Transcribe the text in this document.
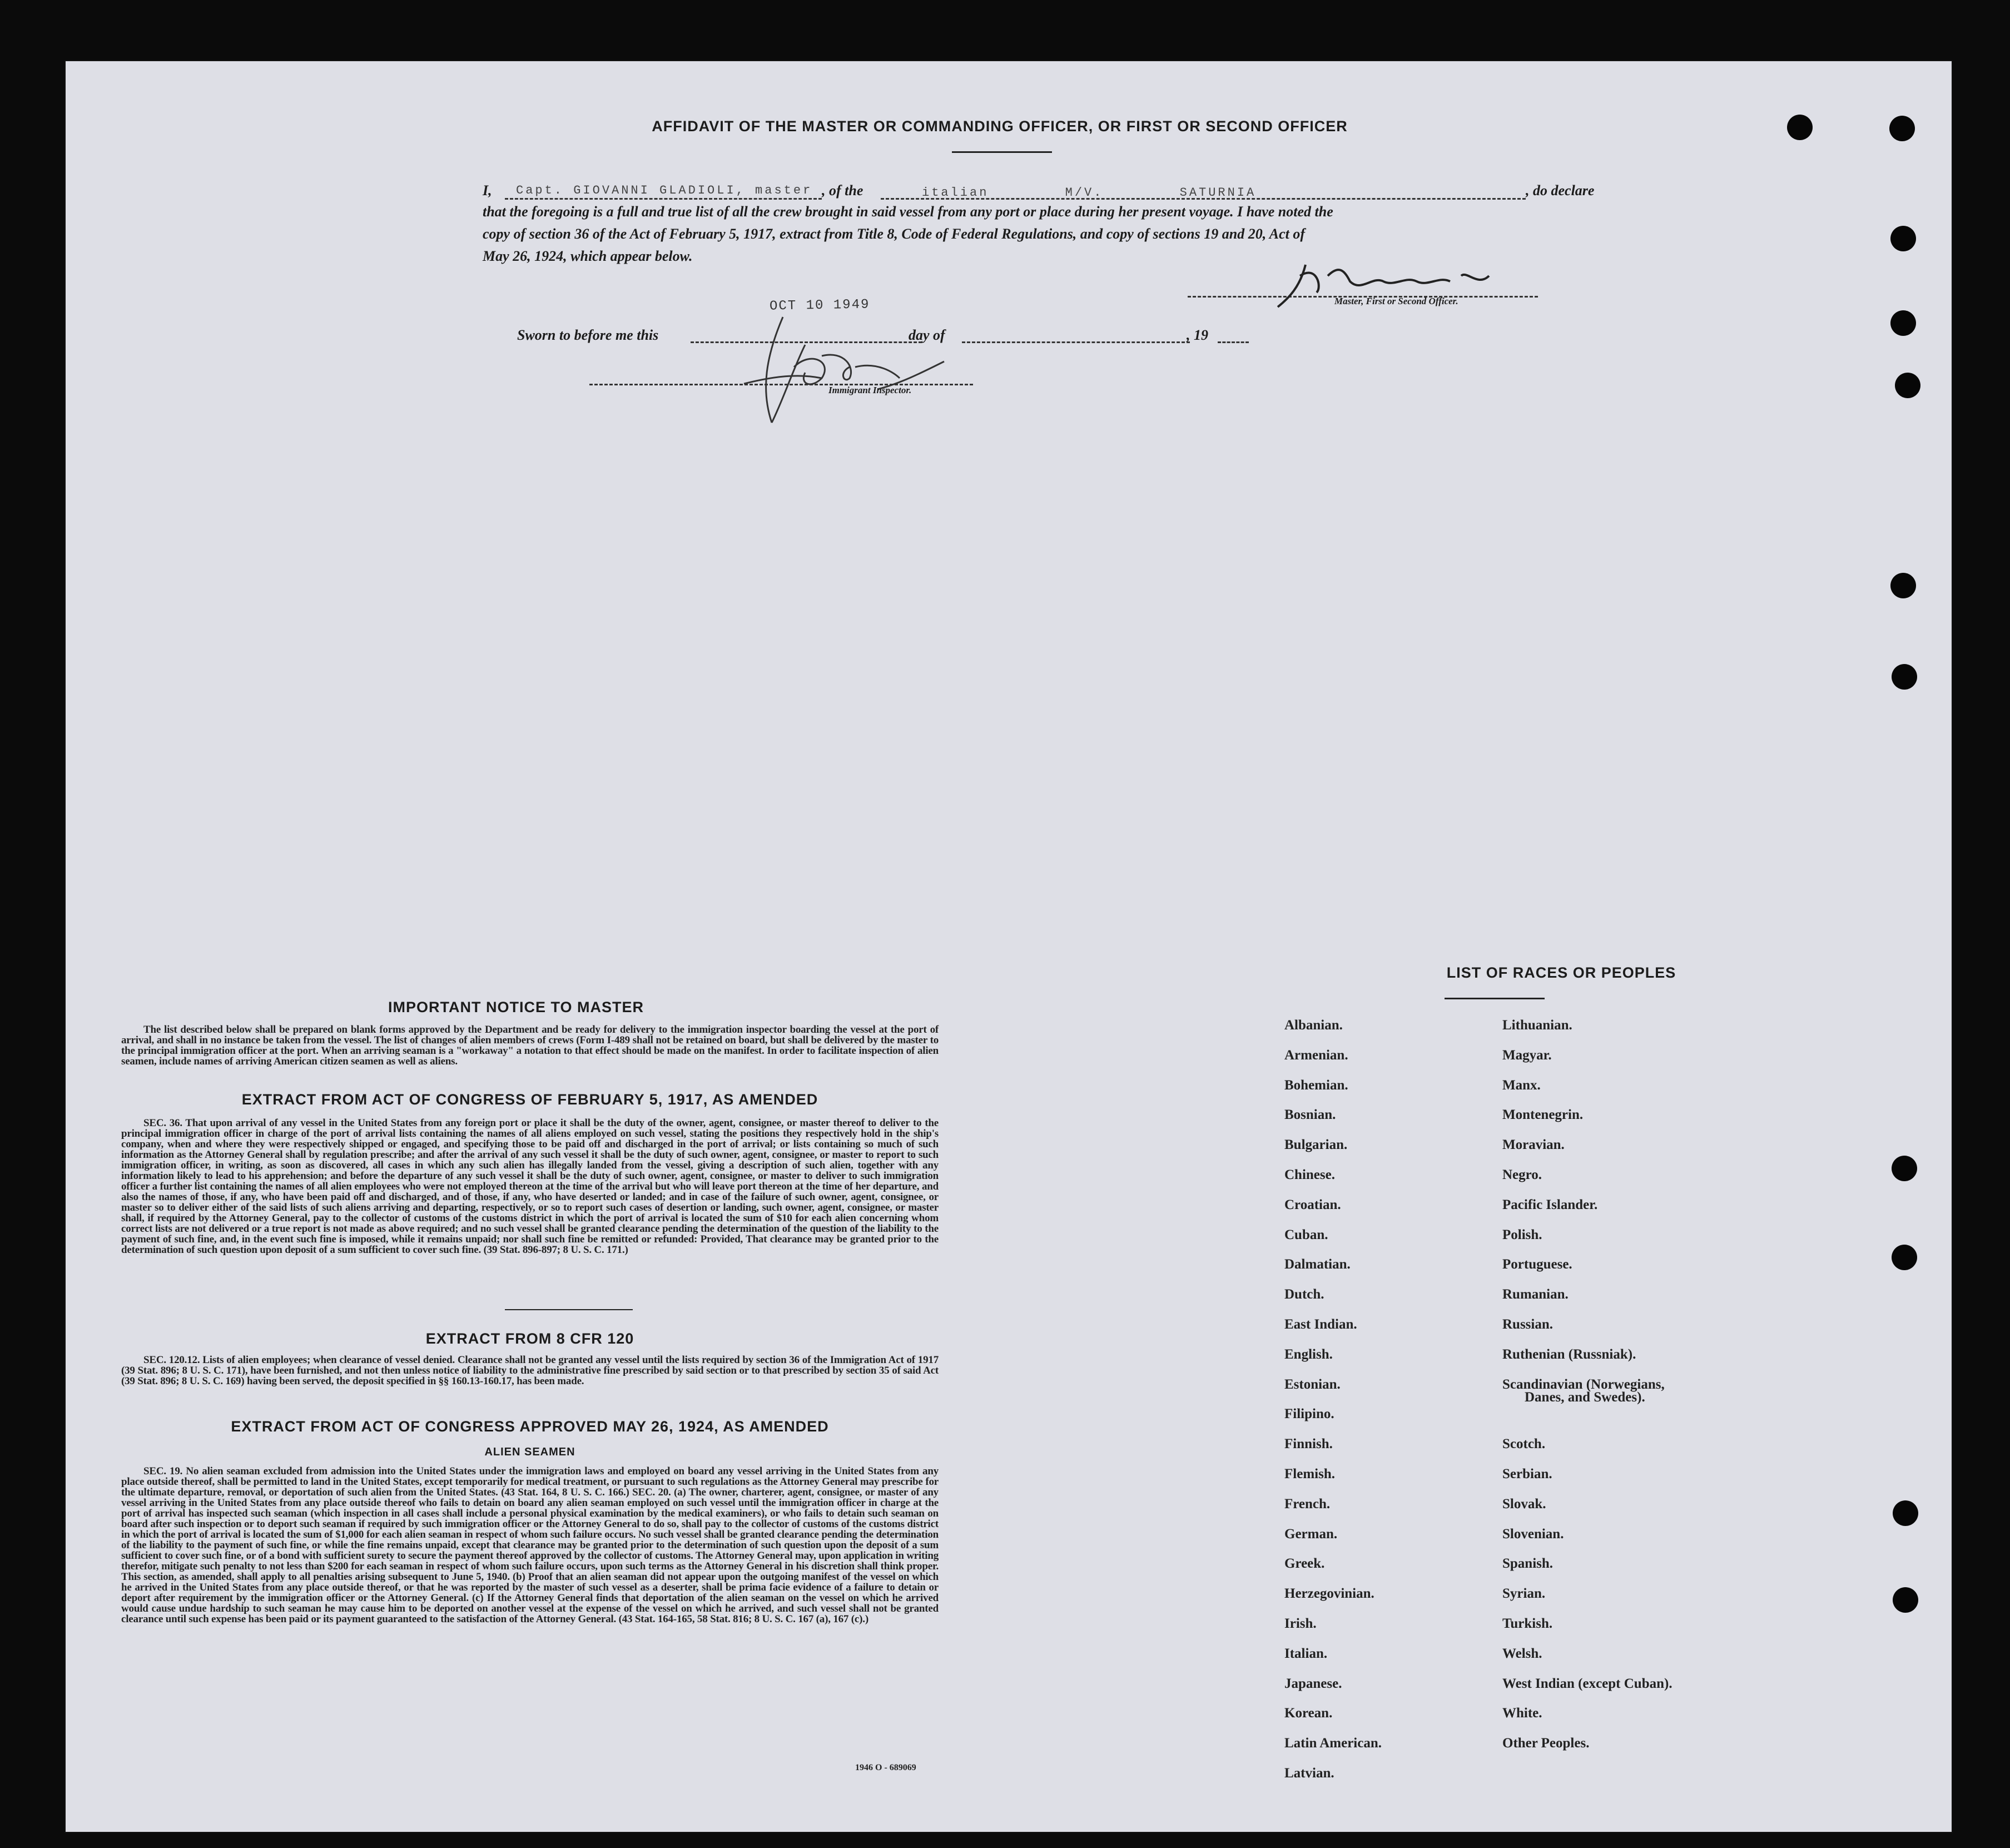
AFFIDAVIT OF THE MASTER OR COMMANDING OFFICER, OR FIRST OR SECOND OFFICER
I, Capt. GIOVANNI GLADIOLI, master , of the	italian M/V. SATURNIA	, do declare
that the foregoing is a full and true list of all the crew brought in said vessel from any port or place during her present voyage. I have noted the
copy of section 36 of the Act of February 5, 1917, extract from Title 8, Code of Federal Regulations, and copy of sections 19 and 20, Act of
May 26, 1924, which appear below.
Master, First or Second Officer.
Sworn to before me this
OCT 10 1949
day of	, 19
Immigrant Inspector.
IMPORTANT NOTICE TO MASTER
The list described below shall be prepared on blank forms approved by the Department and be ready for delivery to the immigration inspector boarding the vessel at the port of arrival, and shall in no instance be taken from the vessel. The list of changes of alien members of crews (Form I-489 shall not be retained on board, but shall be delivered by the master to the principal immigration officer at the port. When an arriving seaman is a "workaway" a notation to that effect should be made on the manifest. In order to facilitate inspection of alien seamen, include names of arriving American citizen seamen as well as aliens.
EXTRACT FROM ACT OF CONGRESS OF FEBRUARY 5, 1917, AS AMENDED
SEC. 36. That upon arrival of any vessel in the United States from any foreign port or place it shall be the duty of the owner, agent, consignee, or master thereof to deliver to the principal immigration officer in charge of the port of arrival lists containing the names of all aliens employed on such vessel, stating the positions they respectively hold in the ship's company, when and where they were respectively shipped or engaged, and specifying those to be paid off and discharged in the port of arrival; or lists containing so much of such information as the Attorney General shall by regulation prescribe; and after the arrival of any such vessel it shall be the duty of such owner, agent, consignee, or master to report to such immigration officer, in writing, as soon as discovered, all cases in which any such alien has illegally landed from the vessel, giving a description of such alien, together with any information likely to lead to his apprehension; and before the departure of any such vessel it shall be the duty of such owner, agent, consignee, or master to deliver to such immigration officer a further list containing the names of all alien employees who were not employed thereon at the time of the arrival but who will leave port thereon at the time of her departure, and also the names of those, if any, who have been paid off and discharged, and of those, if any, who have deserted or landed; and in case of the failure of such owner, agent, consignee, or master so to deliver either of the said lists of such aliens arriving and departing, respectively, or so to report such cases of desertion or landing, such owner, agent, consignee, or master shall, if required by the Attorney General, pay to the collector of customs of the customs district in which the port of arrival is located the sum of $10 for each alien concerning whom correct lists are not delivered or a true report is not made as above required; and no such vessel shall be granted clearance pending the determination of the question of the liability to the payment of such fine, and, in the event such fine is imposed, while it remains unpaid; nor shall such fine be remitted or refunded: Provided, That clearance may be granted prior to the determination of such question upon deposit of a sum sufficient to cover such fine. (39 Stat. 896-897; 8 U. S. C. 171.)
EXTRACT FROM 8 CFR 120
SEC. 120.12. Lists of alien employees; when clearance of vessel denied. Clearance shall not be granted any vessel until the lists required by section 36 of the Immigration Act of 1917 (39 Stat. 896; 8 U. S. C. 171), have been furnished, and not then unless notice of liability to the administrative fine prescribed by said section or to that prescribed by section 35 of said Act (39 Stat. 896; 8 U. S. C. 169) having been served, the deposit specified in §§ 160.13-160.17, has been made.
EXTRACT FROM ACT OF CONGRESS APPROVED MAY 26, 1924, AS AMENDED
ALIEN SEAMEN
SEC. 19. No alien seaman excluded from admission into the United States under the immigration laws and employed on board any vessel arriving in the United States from any place outside thereof, shall be permitted to land in the United States, except temporarily for medical treatment, or pursuant to such regulations as the Attorney General may prescribe for the ultimate departure, removal, or deportation of such alien from the United States. (43 Stat. 164, 8 U. S. C. 166.) SEC. 20. (a) The owner, charterer, agent, consignee, or master of any vessel arriving in the United States from any place outside thereof who fails to detain on board any alien seaman employed on such vessel until the immigration officer in charge at the port of arrival has inspected such seaman (which inspection in all cases shall include a personal physical examination by the medical examiners), or who fails to detain such seaman on board after such inspection or to deport such seaman if required by such immigration officer or the Attorney General to do so, shall pay to the collector of customs of the customs district in which the port of arrival is located the sum of $1,000 for each alien seaman in respect of whom such failure occurs. No such vessel shall be granted clearance pending the determination of the liability to the payment of such fine, or while the fine remains unpaid, except that clearance may be granted prior to the determination of such question upon the deposit of a sum sufficient to cover such fine, or of a bond with sufficient surety to secure the payment thereof approved by the collector of customs. The Attorney General may, upon application in writing therefor, mitigate such penalty to not less than $200 for each seaman in respect of whom such failure occurs, upon such terms as the Attorney General in his discretion shall think proper. This section, as amended, shall apply to all penalties arising subsequent to June 5, 1940. (b) Proof that an alien seaman did not appear upon the outgoing manifest of the vessel on which he arrived in the United States from any place outside thereof, or that he was reported by the master of such vessel as a deserter, shall be prima facie evidence of a failure to detain or deport after requirement by the immigration officer or the Attorney General. (c) If the Attorney General finds that deportation of the alien seaman on the vessel on which he arrived would cause undue hardship to such seaman he may cause him to be deported on another vessel at the expense of the vessel on which he arrived, and such vessel shall not be granted clearance until such expense has been paid or its payment guaranteed to the satisfaction of the Attorney General. (43 Stat. 164-165, 58 Stat. 816; 8 U. S. C. 167 (a), 167 (c).)
1946 O - 689069
LIST OF RACES OR PEOPLES
Albanian.
Armenian.
Bohemian.
Bosnian.
Bulgarian.
Chinese.
Croatian.
Cuban.
Dalmatian.
Dutch.
East Indian.
English.
Estonian.
Filipino.
Finnish.
Flemish.
French.
German.
Greek.
Herzegovinian.
Irish.
Italian.
Japanese.
Korean.
Latin American.
Latvian.
Lithuanian.
Magyar.
Manx.
Montenegrin.
Moravian.
Negro.
Pacific Islander.
Polish.
Portuguese.
Rumanian.
Russian.
Ruthenian (Russniak).
Scandinavian (Norwegians,
Danes, and Swedes).
Scotch.
Serbian.
Slovak.
Slovenian.
Spanish.
Syrian.
Turkish.
Welsh.
West Indian (except Cuban).
White.
Other Peoples.
